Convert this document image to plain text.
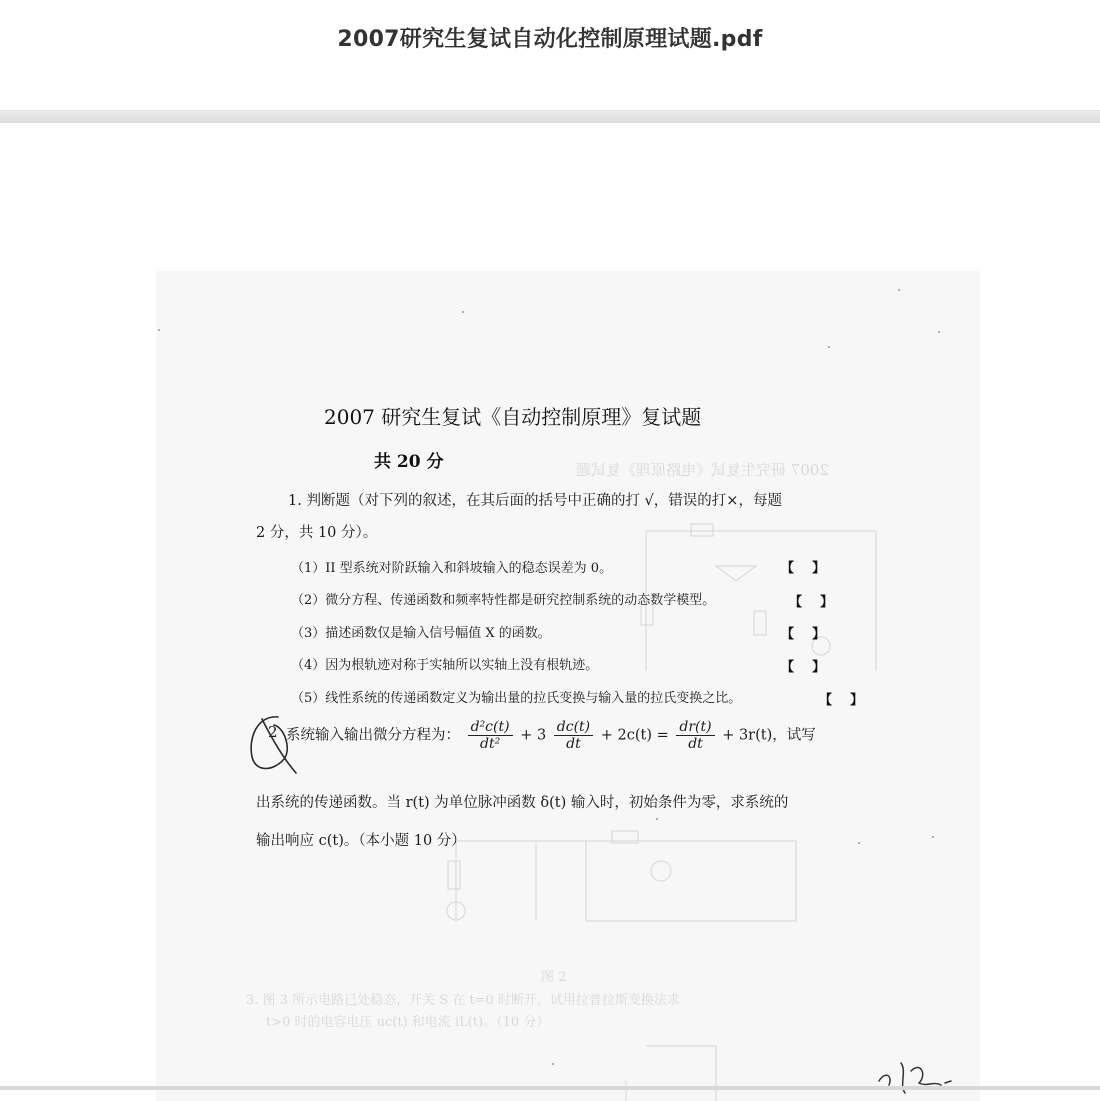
2007研究生复试自动化控制原理试题.pdf
2007 研究生复试《电路原理》复试题
图 2
3. 图 3 所示电路已处稳态，开关 S 在 t=0 时断开，试用拉普拉斯变换法求
t>0 时的电容电压 uc(t) 和电流 iL(t)。（10 分）
2007 研究生复试《自动控制原理》复试题
共 20 分
1. 判断题（对下列的叙述，在其后面的括号中正确的打 √，错误的打×，每题
2 分，共 10 分）。
（1）II 型系统对阶跃输入和斜坡输入的稳态误差为 0。	【    】
（2）微分方程、传递函数和频率特性都是研究控制系统的动态数学模型。	【    】
（3）描述函数仅是输入信号幅值 X 的函数。	【    】
（4）因为根轨迹对称于实轴所以实轴上没有根轨迹。	【    】
（5）线性系统的传递函数定义为输出量的拉氏变换与输入量的拉氏变换之比。	【    】
2 系统输入输出微分方程为： $\frac{\text{d²c(t)}}{\text{dt²}} + 3 \frac{dc(t)}{dt} + 2c(t) = \frac{dr(t)}{dt} + 3r(t)$，试写
出系统的传递函数。当 r(t) 为单位脉冲函数 δ(t) 输入时，初始条件为零，求系统的
输出响应 c(t)。（本小题 10 分）
